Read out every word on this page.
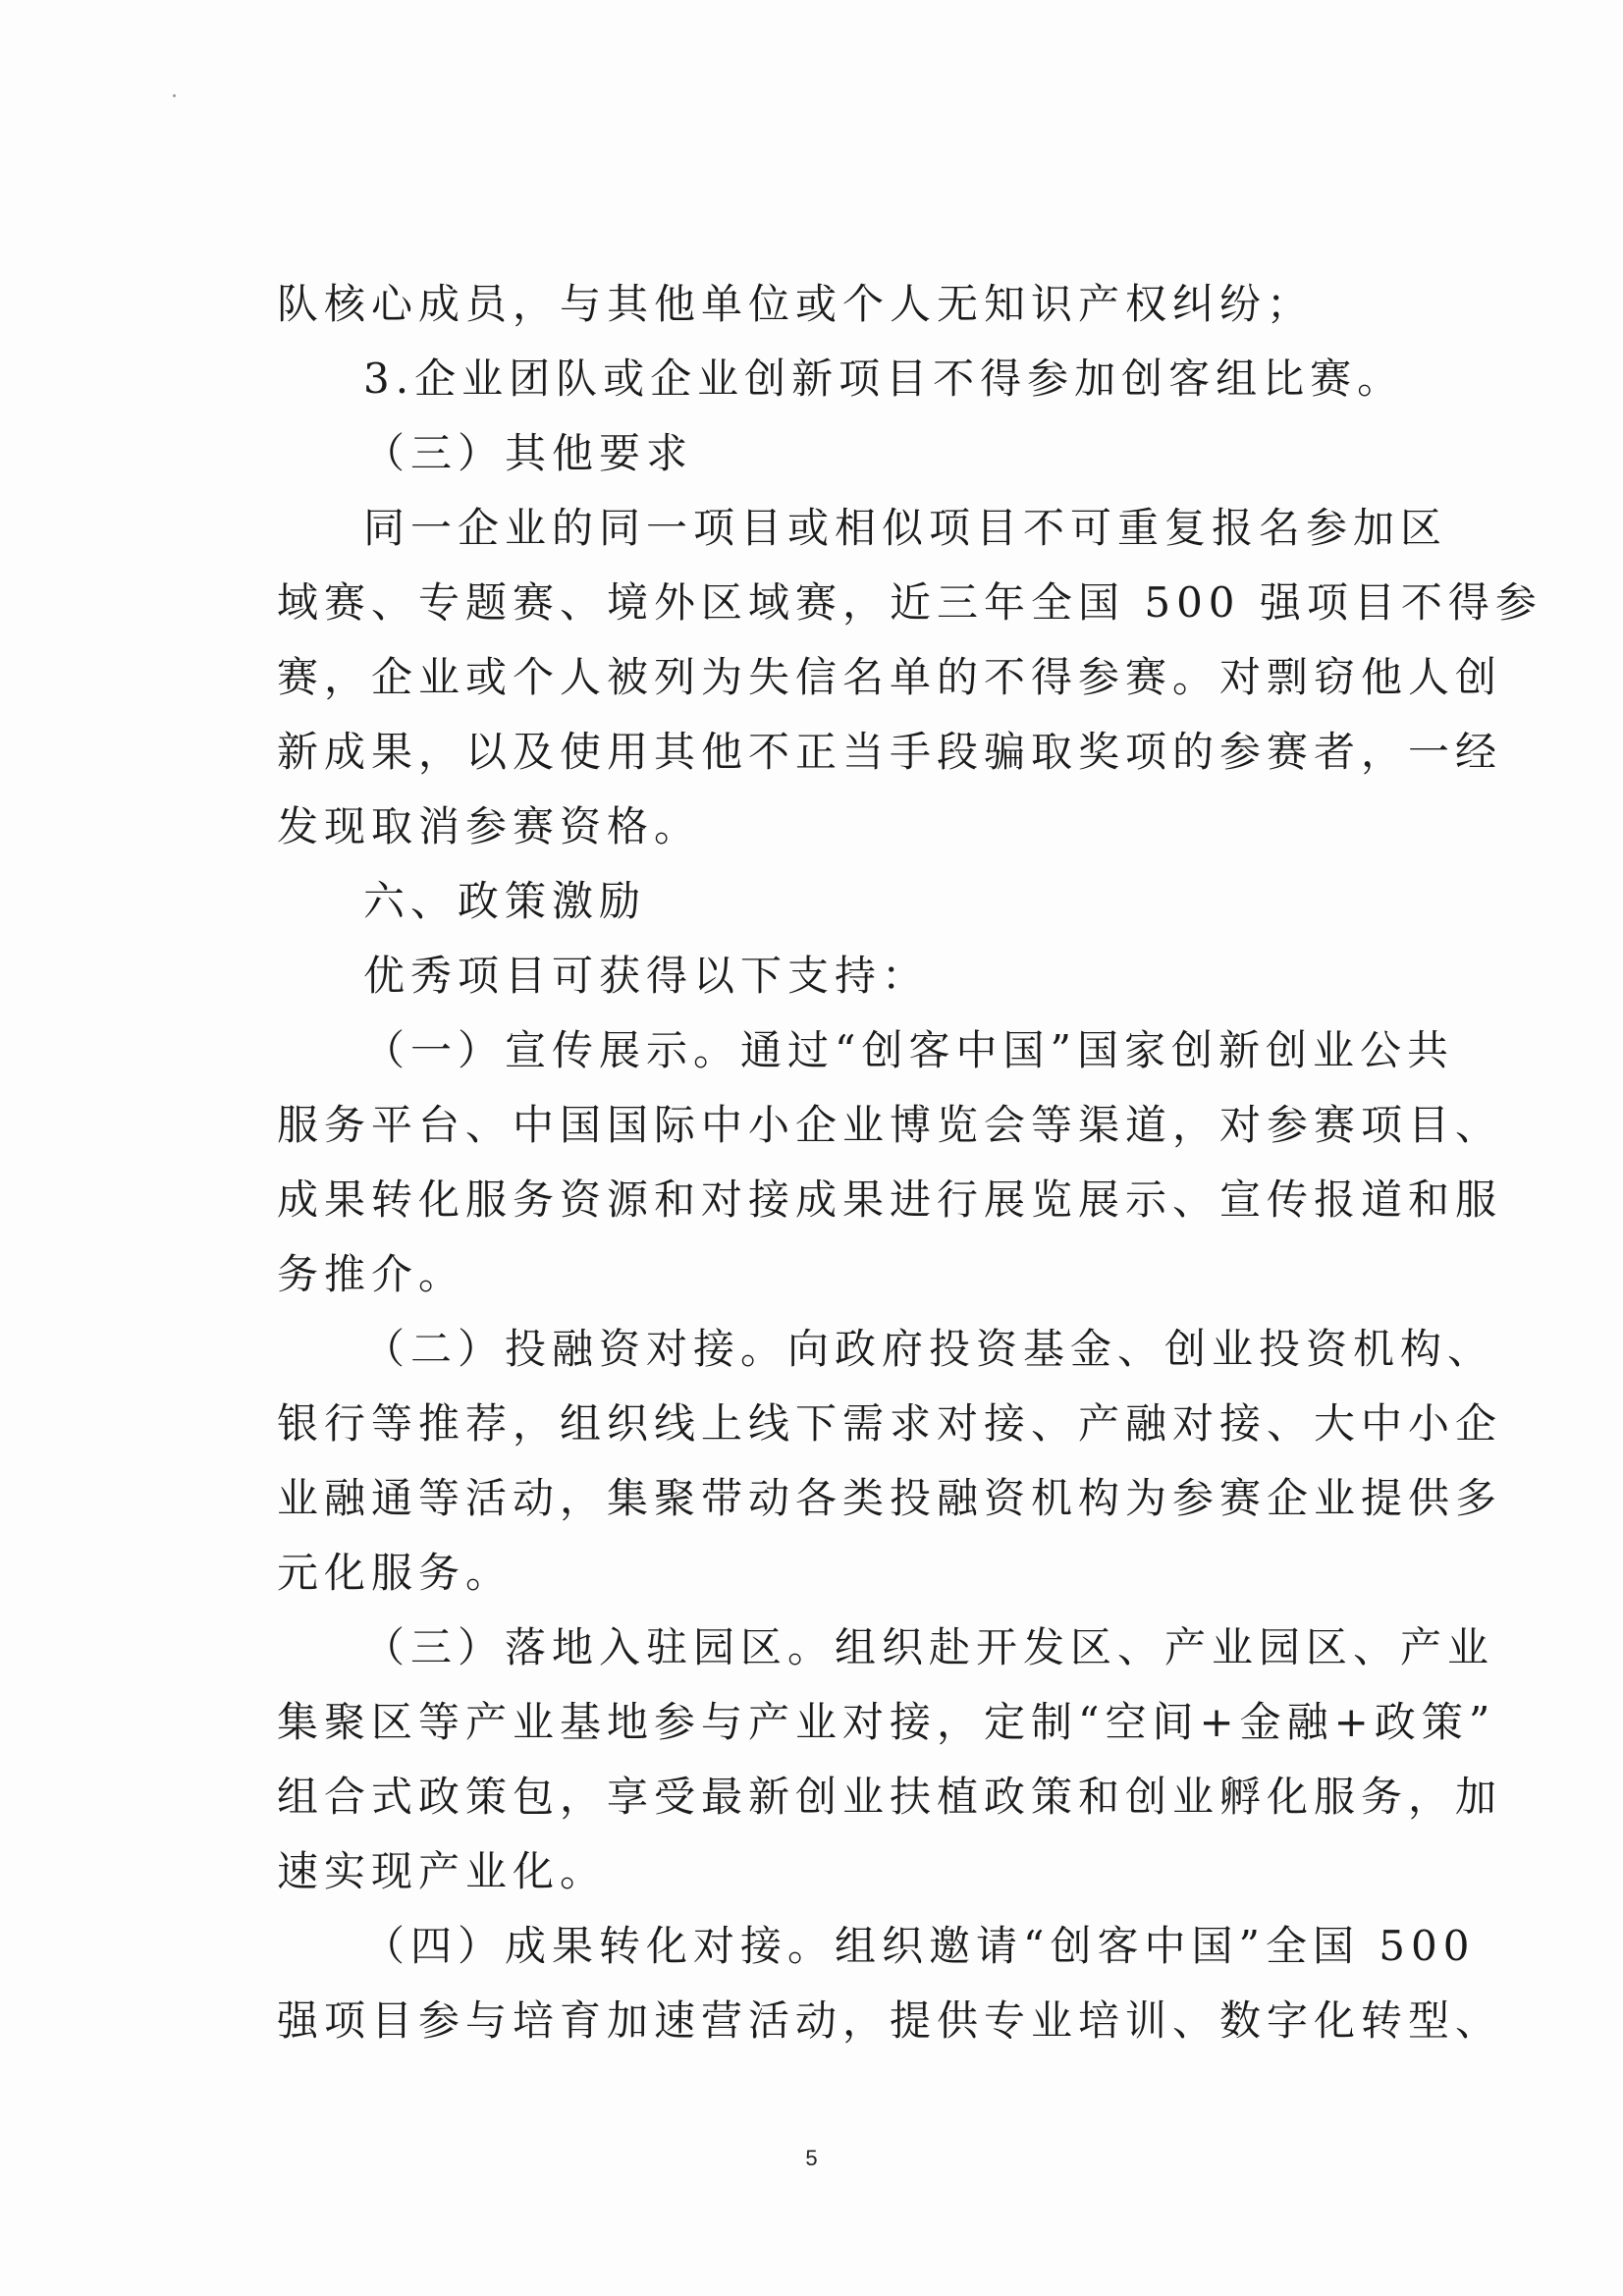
队核心成员，与其他单位或个人无知识产权纠纷；
3.企业团队或企业创新项目不得参加创客组比赛。
（三）其他要求
同一企业的同一项目或相似项目不可重复报名参加区
域赛、专题赛、境外区域赛，近三年全国 500 强项目不得参
赛，企业或个人被列为失信名单的不得参赛。对剽窃他人创
新成果，以及使用其他不正当手段骗取奖项的参赛者，一经
发现取消参赛资格。
六、政策激励
优秀项目可获得以下支持：
（一）宣传展示。通过“创客中国”国家创新创业公共
服务平台、中国国际中小企业博览会等渠道，对参赛项目、
成果转化服务资源和对接成果进行展览展示、宣传报道和服
务推介。
（二）投融资对接。向政府投资基金、创业投资机构、
银行等推荐，组织线上线下需求对接、产融对接、大中小企
业融通等活动，集聚带动各类投融资机构为参赛企业提供多
元化服务。
（三）落地入驻园区。组织赴开发区、产业园区、产业
集聚区等产业基地参与产业对接，定制“空间+金融+政策”
组合式政策包，享受最新创业扶植政策和创业孵化服务，加
速实现产业化。
（四）成果转化对接。组织邀请“创客中国”全国 500
强项目参与培育加速营活动，提供专业培训、数字化转型、
5
